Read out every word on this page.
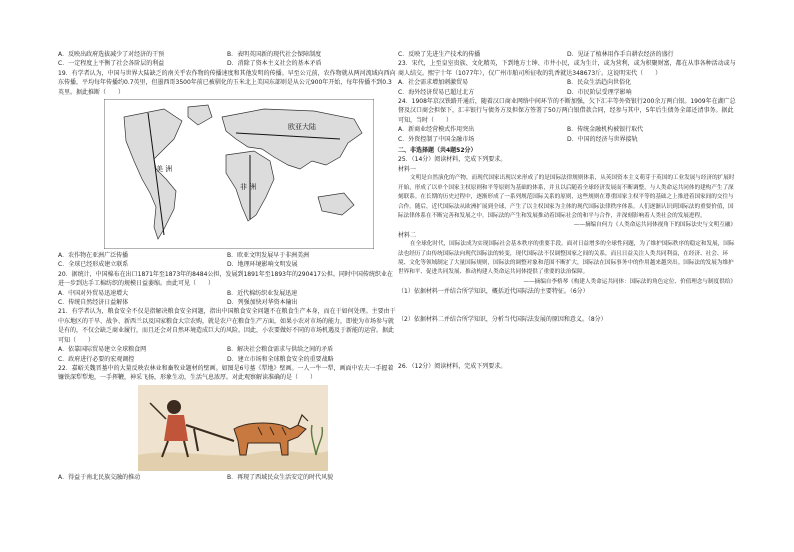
A．反映出政府选拔减少了对经济的干预	B．表明英国新的现代社会保障制度
C．一定程度上平衡了社会各阶层的利益	D．消除了资本主义社会的基本矛盾
19．有学者认为，中国与世界大陆缺乏的南关乎农作物的传播速度和其他发明的传播。早至公元前，农作物就从两河流域向西向东传播，平均每年传播约0.7英里，但墨西哥3500年前已被驯化的玉米北上美国东部则是从公元900年开始，每年传播不到0.3英里。据此推断（　　）
欧亚大陆
美 洲
非 洲
A．农作物在亚洲广泛传播	B．欧亚文明发展早于非洲美洲
C．全球已经形成建立联系	D．地理环境影响文明发展
20．据统计，中国棉布在出口1871年至1873年的8484公担，发展到1891年至1893年的290417公担。同时中国传统织业在进一步到达手工棉纺织的规模日益萎缩。由此可见（　　）
A．中国对外贸易迅速增大	B．近代棉纺织业发展迅速
C．传统自然经济日益解体	D．列强加快对华资本输出
21．有学者认为，粮食安全不仅是指解决粮食安全问题，指出中国粮食安全问题不在粮食生产本身，而在于如何处理。主要由于中东地区的干旱、战争、新西兰以及国家粮食大宗农购，就是农户在粮食生产方面，如果小农对市场的能力，即使为市场参与就是有的，不仅会缺乏商业履行，而且还会对自然环境造成巨大的风险。因此，小农要做好不同的市场机遇及于新能的运营。据此可知（　　）
A．依靠国际贸易建立全球粮食网	B．解决社会粮食需求与供给之间的矛盾
C．政府进行必要的宏观调控	D．建立市场和全球粮食安全的重要战略
22．嘉峪关魏晋墓中的大量反映农林业和畜牧业题材的壁画。如图是6号墓《犁地》壁画。一人一牛一犁，画面中农夫一手握着镰铁深犁犁地，一手挥鞭，神采飞扬，形象生动，生活气息浓厚。对此观察解读准确的是（　　）
A．得益于南北民族交融的推动	B．再现了西域民众生活安定的时代风貌
C．反映了先进生产技术的传播	D．见证了植林用作手自耕农经济的盛行
23．宋代，上至皇室贵族、文化精英，下到地方士绅、市井小民，或为生计，或为营利，或为积聚财富，都在从事各种活动或与商人结交。熙宁十年（1077年），仅广州市舶司所征收的乳香就达348673斤。这说明宋代（　　）
A．社会需求增加刺激贸易	B．民众生活趋向世俗化
C．海外经济贸易已超过北方	D．市民阶层受理学影响
24．1908年京汉铁路开通后，随着汉口商业网络中间环节的不断加强，欠下汇丰等外资银行200余万两白银。1909年在湖广总督及汉口商会担保下，汇丰银行与债务方及担保方签署了50万两白银借款合同，经参与其中，5年后生债务全部还清事务。据此可知，当时（　　）
A．新商业经营模式作用突出	B．传统金融机构被银行取代
C．外资控制了中国金融市场	D．中国的经济与世界接轨
二、非选择题（共4题52分）
25．（14分）阅读材料，完成下列要求。
材料一
文明是自然演化的产物，而现代国家出现以来形成了的是国际法律规则体系，从英国资本主义萌芽于英国的工业发展与经济的扩展时开始，形成了以单个国家主权原则和平等原则为基础的体系，并且以后随着全球经济发展而不断调整，与人类命运共同体的建构产生了深刻联系。在长期的历史过程中，逐渐形成了一系列规范国际关系的原则，这些规则在尊重国家主权平等的基础之上推进着国家间的交往与合作。随后，近代国际法从欧洲扩展到全球，产生了以主权国家为主体的现代国际法律秩序体系。人们逐渐认识到国际法的重要价值，国际法律体系在不断完善和发展之中。国际法的产生和发展推动着国际社会的和平与合作，并深刻影响着人类社会的发展进程。
——摘编自何力《人类命运共同体视角下的国际法史与文明互融》
材料二
在全球化时代，国际法成为实现国际社会基本秩序的重要手段。面对日益增多的全球性问题，为了维护国际秩序的稳定和发展，国际法也经历了由传统国际法向现代国际法的转变，现代国际法不仅调整国家之间的关系，而且日益关注人类共同利益，在经济、社会、环境、文化等领域制定了大量国际规则，国际法的调整对象和范围不断扩大，国际法在国际事务中的作用越来越突出。国际法的发展为维护世界和平、促进共同发展、推动构建人类命运共同体提供了重要的法治保障。
——摘编自李格琴《构建人类命运共同体：国际法的角色定位、价值理念与制度供给》
（1）依据材料一并结合所学知识，概括近代国际法的主要特征。（6分）
（2）依据材料二并结合所学知识，分析当代国际法发展的原因和意义。（8分）
26．（12分）阅读材料，完成下列要求。
